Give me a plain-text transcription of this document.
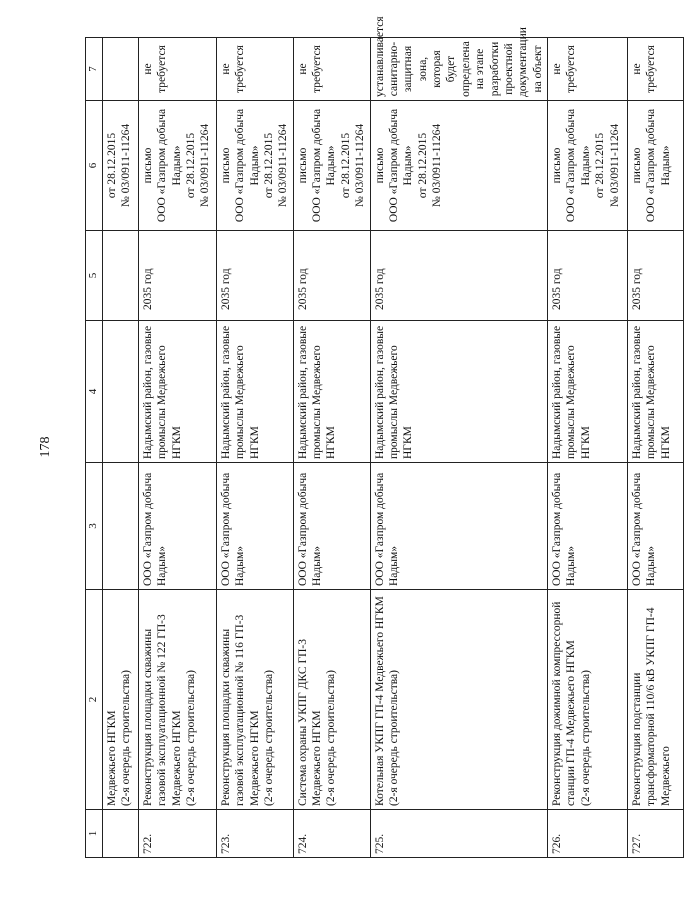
178
1	2	3	4	5	6	7
	Медвежьего НГКМ (2-я очередь строительства)				от 28.12.2015 № 03/0911-11264	
722.	Реконструкция площадки скважины газовой эксплуатационной № 122 ГП-3 Медвежьего НГКМ (2-я очередь строительства)	ООО «Газпром добыча Надым»	Надымский район, газовые промыслы Медвежьего НГКМ	2035 год	письмо ООО «Газпром добыча Надым» от 28.12.2015 № 03/0911-11264	не требуется
723.	Реконструкция площадки скважины газовой эксплуатационной № 116 ГП-3 Медвежьего НГКМ (2-я очередь строительства)	ООО «Газпром добыча Надым»	Надымский район, газовые промыслы Медвежьего НГКМ	2035 год	письмо ООО «Газпром добыча Надым» от 28.12.2015 № 03/0911-11264	не требуется
724.	Система охраны УКПГ ДКС ГП-3 Медвежьего НГКМ (2-я очередь строительства)	ООО «Газпром добыча Надым»	Надымский район, газовые промыслы Медвежьего НГКМ	2035 год	письмо ООО «Газпром добыча Надым» от 28.12.2015 № 03/0911-11264	не требуется
725.	Котельная УКПГ ГП-4 Медвежьего НГКМ (2-я очередь строительства)	ООО «Газпром добыча Надым»	Надымский район, газовые промыслы Медвежьего НГКМ	2035 год	письмо ООО «Газпром добыча Надым» от 28.12.2015 № 03/0911-11264	устанавливается санитарно-защитная зона, которая будет определена на этапе разработки проектной документации на объект
726.	Реконструкция дожимной компрессорной станции ГП-4 Медвежьего НГКМ (2-я очередь строительства)	ООО «Газпром добыча Надым»	Надымский район, газовые промыслы Медвежьего НГКМ	2035 год	письмо ООО «Газпром добыча Надым» от 28.12.2015 № 03/0911-11264	не требуется
727.	Реконструкция подстанции трансформаторной 110/6 кВ УКПГ ГП-4 Медвежьего	ООО «Газпром добыча Надым»	Надымский район, газовые промыслы Медвежьего НГКМ	2035 год	письмо ООО «Газпром добыча Надым»	не требуется
